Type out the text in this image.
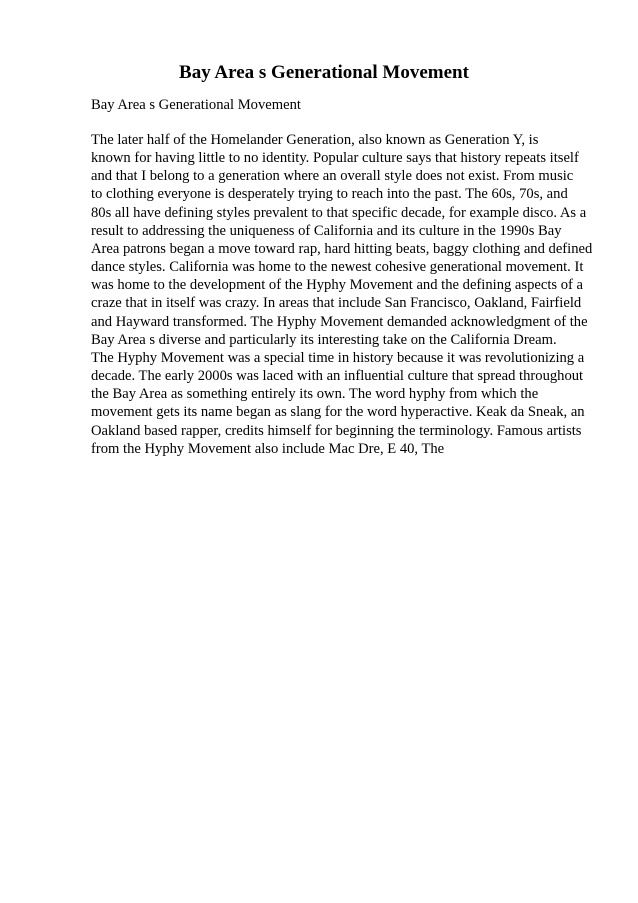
Bay Area s Generational Movement

Bay Area s Generational Movement

The later half of the Homelander Generation, also known as Generation Y, is
known for having little to no identity. Popular culture says that history repeats itself
and that I belong to a generation where an overall style does not exist. From music
to clothing everyone is desperately trying to reach into the past. The 60s, 70s, and
80s all have defining styles prevalent to that specific decade, for example disco. As a
result to addressing the uniqueness of California and its culture in the 1990s Bay
Area patrons began a move toward rap, hard hitting beats, baggy clothing and defined
dance styles. California was home to the newest cohesive generational movement. It
was home to the development of the Hyphy Movement and the defining aspects of a
craze that in itself was crazy. In areas that include San Francisco, Oakland, Fairfield
and Hayward transformed. The Hyphy Movement demanded acknowledgment of the
Bay Area s diverse and particularly its interesting take on the California Dream.
The Hyphy Movement was a special time in history because it was revolutionizing a
decade. The early 2000s was laced with an influential culture that spread throughout
the Bay Area as something entirely its own. The word hyphy from which the
movement gets its name began as slang for the word hyperactive. Keak da Sneak, an
Oakland based rapper, credits himself for beginning the terminology. Famous artists
from the Hyphy Movement also include Mac Dre, E 40, The
